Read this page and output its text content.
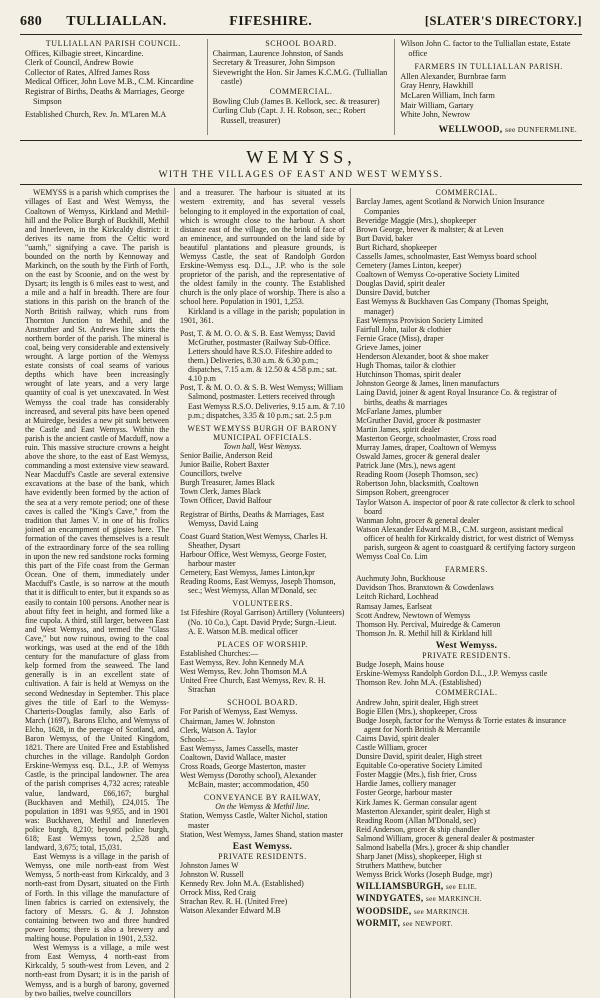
680 TULLIALLAN.	FIFESHIRE.	[SLATER'S DIRECTORY.]
TULLIALLAN PARISH COUNCIL.
Offices, Kilbagie street, Kincardine.
Clerk of Council, Andrew Bowie
Collector of Rates, Alfred James Ross
Medical Officer, John Love M.B., C.M. Kincardine
Registrar of Births, Deaths & Marriages, George Simpson
Established Church, Rev. Jn. M'Laren M.A
SCHOOL BOARD.
Chairman, Laurence Johnston, of Sands
Secretary & Treasurer, John Simpson
Sievewright the Hon. Sir James K.C.M.G. (Tulliallan castle)
COMMERCIAL.
Bowling Club (James B. Kellock, sec. & treasurer)
Curling Club (Capt. J. H. Robson, sec.; Robert Russell, treasurer)
Wilson John C. factor to the Tulliallan estate, Estate office
FARMERS IN TULLIALLAN PARISH.
Allen Alexander, Burnbrae farm
Gray Henry, Hawkhill
McLaren William, Inch farm
Mair William, Gartary
White John, Newrow
WELLWOOD, see DUNFERMLINE.
WEMYSS,
WITH THE VILLAGES OF EAST AND WEST WEMYSS.
WEMYSS is a parish which comprises the villages of East and West Wemyss, the Coaltown of Wemyss, Kirkland and Methil-hill and the Police Burgh of Buckhill, Methil and Innerleven, in the Kirkcaldy district: it derives its name from the Celtic word "uamh," signifying a cave. The parish is bounded on the north by Kennoway and Markinch, on the south by the Firth of Forth, on the east by Scoonie, and on the west by Dysart; its length is 6 miles east to west, and a mile and a half in breadth. There are four stations in this parish on the branch of the North British railway, which runs from Thornton Junction to Methil, and the Anstruther and St. Andrews line skirts the northern border of the parish. The mineral is coal, being very considerable and extensively wrought. A large portion of the Wemyss estate consists of coal seams of various depths which have been increasingly wrought of late years, and a very large quantity of coal is yet unexcavated. In West Wemyss the coal trade has considerably increased, and several pits have been opened at Muiredge, besides a new pit sunk between the Castle and East Wemyss. Within the parish is the ancient castle of Macduff, now a ruin. This massive structure crowns a height above the shore, to the east of East Wemyss, commanding a most extensive view seaward. Near Macduff's Castle are several extensive excavations at the base of the bank, which have evidently been formed by the action of the sea at a very remote period; one of these caves is called the "King's Cave," from the tradition that James V. in one of his frolics joined an encampment of gipsies here. The formation of the caves themselves is a result of the extraordinary force of the sea rolling in upon the new red sandstone rocks forming this part of the Fife coast from the German Ocean. One of them, immediately under Macduff's Castle, is so narrow at the mouth that it is difficult to enter, but it expands so as easily to contain 100 persons. Another near is about fifty feet in height, and formed like a fine cupola. A third, still larger, between East and West Wemyss, and termed the "Glass Cave," but now ruinous, owing to the coal workings, was used at the end of the 18th century for the manufacture of glass from kelp formed from the seaweed. The land generally is in an excellent state of cultivation. A fair is held at Wemyss on the second Wednesday in September. This place gives the title of Earl to the Wemyss-Charteris-Douglas family, also Earls of March (1697), Barons Elcho, and Wemyss of Elcho, 1628, in the peerage of Scotland, and Baron Wemyss, of the United Kingdom, 1821. There are United Free and Established churches in the village. Randolph Gordon Erskine-Wemyss esq. D.L., J.P. of Wemyss Castle, is the principal landowner. The area of the parish comprises 4,732 acres; rateable value, landward, £66,167; burghal (Buckhaven and Methil), £24,015. The population in 1891 was 9,955, and in 1901 was: Buckhaven, Methil and Innerleven police burgh, 8,210; beyond police burgh, 618; East Wemyss town, 2,528 and landward, 3,675; total, 15,031.
East Wemyss is a village in the parish of Wemyss, one mile north-east from West Wemyss, 5 north-east from Kirkcaldy, and 3 north-east from Dysart, situated on the Firth of Forth. In this village the manufacture of linen fabrics is carried on extensively, the factory of Messrs. G. & J. Johnston containing between two and three hundred power looms; there is also a brewery and malting house. Population in 1901, 2,532.
West Wemyss is a village, a mile west from East Wemyss, 4 north-east from Kirkcaldy, 5 south-west from Leven, and 2 north-east from Dysart; it is in the parish of Wemyss, and is a burgh of barony, governed by two bailies, twelve councillors
and a treasurer. The harbour is situated at its western extremity, and has several vessels belonging to it employed in the exportation of coal, which is wrought close to the harbour. A short distance east of the village, on the brink of face of an eminence, and surrounded on the land side by beautiful plantations and pleasure grounds, is Wemyss Castle, the seat of Randolph Gordon Erskine-Wemyss esq. D.L., J.P. who is the sole proprietor of the parish, and the representative of the oldest family in the county. The Established church is the only place of worship. There is also a school here. Population in 1901, 1,253.
Kirkland is a village in the parish; population in 1901, 361.
Post, T. & M. O. O. & S. B. East Wemyss; David McGruther, postmaster (Railway Sub-Office. Letters should have R.S.O. Fifeshire added to them.) Deliveries, 8.30 a.m. & 6.30 p.m.; dispatches, 7.15 a.m. & 12.50 & 4.58 p.m.; sat. 4.10 p.m
Post, T. & M. O. O. & S. B. West Wemyss; William Salmond, postmaster. Letters received through East Wemyss R.S.O. Deliveries, 9.15 a.m. & 7.10 p.m.; dispatches, 3.35 & 10 p.m.; sat. 2.5 p.m
WEST WEMYSS BURGH OF BARONY MUNICIPAL OFFICIALS.
Town hall, West Wemyss.
Senior Bailie, Anderson Reid
Junior Bailie, Robert Baxter
Councillors, twelve
Burgh Treasurer, James Black
Town Clerk, James Black
Town Officer, David Balfour
Registrar of Births, Deaths & Marriages, East Wemyss, David Laing
Coast Guard Station,West Wemyss, Charles H. Sheather, Dysart
Harbour Office, West Wemyss, George Foster, harbour master
Cemetery, East Wemyss, James Linton,kpr
Reading Rooms, East Wemyss, Joseph Thomson, sec.; West Wemyss, Allan M'Donald, sec
VOLUNTEERS.
1st Fifeshire (Royal Garrison) Artillery (Volunteers) (No. 10 Co.), Capt. David Pryde; Surgn.-Lieut. A. E. Watson M.B. medical officer
PLACES OF WORSHIP.
Established Churches:—
East Wemyss, Rev. John Kennedy M.A
West Wemyss, Rev. John Thomson M.A
United Free Church, East Wemyss, Rev. R. H. Strachan
SCHOOL BOARD.
For Parish of Wemyss, East Wemyss.
Chairman, James W. Johnston
Clerk, Watson A. Taylor
Schools:—
East Wemyss, James Cassells, master
Coaltown, David Wallace, master
Cross Roads, George Masterton, master
West Wemyss (Dorothy school), Alexander McBain, master; accommodation, 450
CONVEYANCE BY RAILWAY,
On the Wemyss & Methil line.
Station, Wemyss Castle, Walter Nichol, station master
Station, West Wemyss, James Shand, station master
East Wemyss.
PRIVATE RESIDENTS.
Johnston James W
Johnston W. Russell
Kennedy Rev. John M.A. (Established)
Orrock Miss, Red Craig
Strachan Rev. R. H. (United Free)
Watson Alexander Edward M.B
COMMERCIAL.
Barclay James, agent Scotland & Norwich Union Insurance Companies
Beveridge Maggie (Mrs.), shopkeeper
Brown George, brewer & maltster; & at Leven
Burt David, baker
Burt Richard, shopkeeper
Cassells James, schoolmaster, East Wemyss board school
Cemetery (James Linton, keeper)
Coaltown of Wemyss Co-operative Society Limited
Douglas David, spirit dealer
Dunsire David, butcher
East Wemyss & Buckhaven Gas Company (Thomas Speight, manager)
East Wemyss Provision Society Limited
Fairfull John, tailor & clothier
Fernie Grace (Miss), draper
Grieve James, joiner
Henderson Alexander, boot & shoe maker
Hugh Thomas, tailor & clothier
Hutchinson Thomas, spirit dealer
Johnston George & James, linen manufacturs
Laing David, joiner & agent Royal Insurance Co. & registrar of births, deaths & marriages
McFarlane James, plumber
McGruther David, grocer & postmaster
Martin James, spirit dealer
Masterton George, schoolmaster, Cross road
Murray James, draper, Coaltown of Wemyss
Oswald James, grocer & general dealer
Patrick Jane (Mrs.), news agent
Reading Room (Joseph Thomson, sec)
Robertson John, blacksmith, Coaltown
Simpson Robert, greengrocer
Taylor Watson A. inspector of poor & rate collector & clerk to school board
Wanman John, grocer & general dealer
Watson Alexander Edward M.B., C.M. surgeon, assistant medical officer of health for Kirkcaldy district, for west district of Wemyss parish, surgeon & agent to coastguard & certifying factory surgeon
Wemyss Coal Co. Lim
FARMERS.
Auchmuty John, Buckhouse
Davidson Thos. Branxtown & Cowdenlaws
Leitch Richard, Lochhead
Ramsay James, Earlseat
Scott Andrew, Newtown of Wemyss
Thomson Hy. Percival, Muiredge & Cameron
Thomson Jn. R. Methil hill & Kirkland hill
West Wemyss.
PRIVATE RESIDENTS.
Budge Joseph, Mains house
Erskine-Wemyss Randolph Gordon D.L., J.P. Wemyss castle
Thomson Rev. John M.A. (Established)
COMMERCIAL.
Andrew John, spirit dealer, High street
Bogie Ellen (Mrs.), shopkeeper, Cross
Budge Joseph, factor for the Wemyss & Torrie estates & insurance agent for North British & Mercantile
Cairns David, spirit dealer
Castle William, grocer
Dunsire David, spirit dealer, High street
Equitable Co-operative Society Limited
Foster Maggie (Mrs.), fish frier, Cross
Hardie James, colliery manager
Foster George, harbour master
Kirk James K. German consular agent
Masterton Alexander, spirit dealer, High st
Reading Room (Allan M'Donald, sec)
Reid Anderson, grocer & ship chandler
Salmond William, grocer & general dealer & postmaster
Salmond Isabella (Mrs.), grocer & ship chandler
Sharp Janet (Miss), shopkeeper, High st
Struthers Matthew, butcher
Wemyss Brick Works (Joseph Budge, mgr)
WILLIAMSBURGH, see ELIE.
WINDYGATES, see MARKINCH.
WOODSIDE, see MARKINCH.
WORMIT, see NEWPORT.
